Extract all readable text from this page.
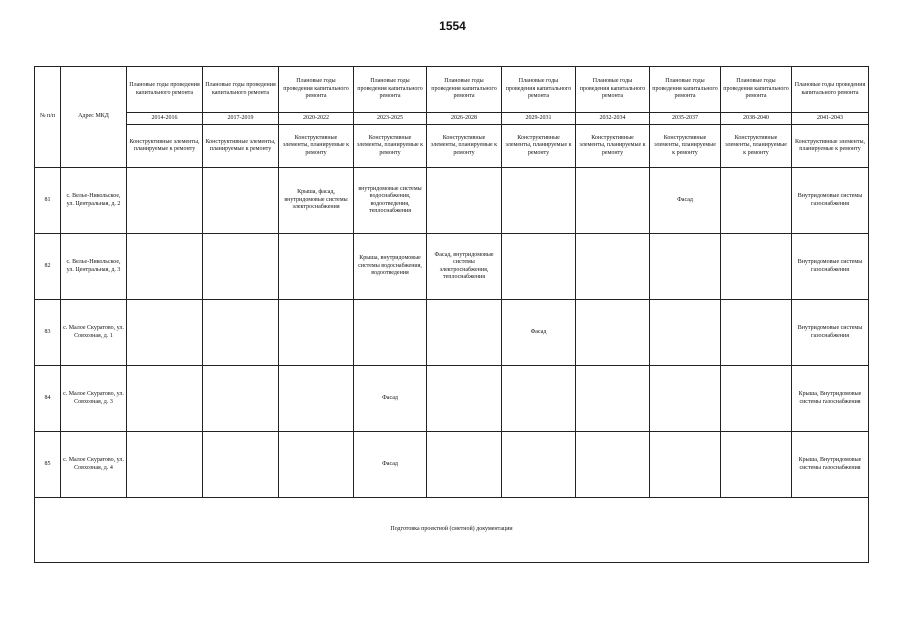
1554
№ п/п	Адрес МКД	Плановые годы проведения капитального ремонта	Плановые годы проведения капитального ремонта	Плановые годы проведения капитального ремонта	Плановые годы проведения капитального ремонта	Плановые годы проведения капитального ремонта	Плановые годы проведения капитального ремонта	Плановые годы проведения капитального ремонта	Плановые годы проведения капитального ремонта	Плановые годы проведения капитального ремонта	Плановые годы проведения капитального ремонта
		2014-2016	2017-2019	2020-2022	2023-2025	2026-2028	2029-2031	2032-2034	2035-2037	2038-2040	2041-2043
		Конструктивные элементы, планируемые к ремонту	Конструктивные элементы, планируемые к ремонту	Конструктивные элементы, планируемые к ремонту	Конструктивные элементы, планируемые к ремонту	Конструктивные элементы, планируемые к ремонту	Конструктивные элементы, планируемые к ремонту	Конструктивные элементы, планируемые к ремонту	Конструктивные элементы, планируемые к ремонту	Конструктивные элементы, планируемые к ремонту	Конструктивные элементы, планируемые к ремонту
81	с. Велье-Никольское, ул. Центральная, д. 2			Крыша, фасад, внутридомовые системы электроснабжения	внутридомовые системы водоснабжения, водоотведения, теплоснабжения				Фасад		Внутридомовые системы газоснабжения
82	с. Велье-Никольское, ул. Центральная, д. 3				Крыша, внутридомовые системы водоснабжения, водоотведения	Фасад, внутридомовые системы электроснабжения, теплоснабжения					Внутридомовые системы газоснабжения
83	с. Малое Скуратово, ул. Совхозная, д. 1						Фасад				Внутридомовые системы газоснабжения
84	с. Малое Скуратово, ул. Совхозная, д. 3				Фасад						Крыша, Внутридомовые системы газоснабжения
85	с. Малое Скуратово, ул. Совхозная, д. 4				Фасад						Крыша, Внутридомовые системы газоснабжения
Подготовка проектной (сметной) документации											
